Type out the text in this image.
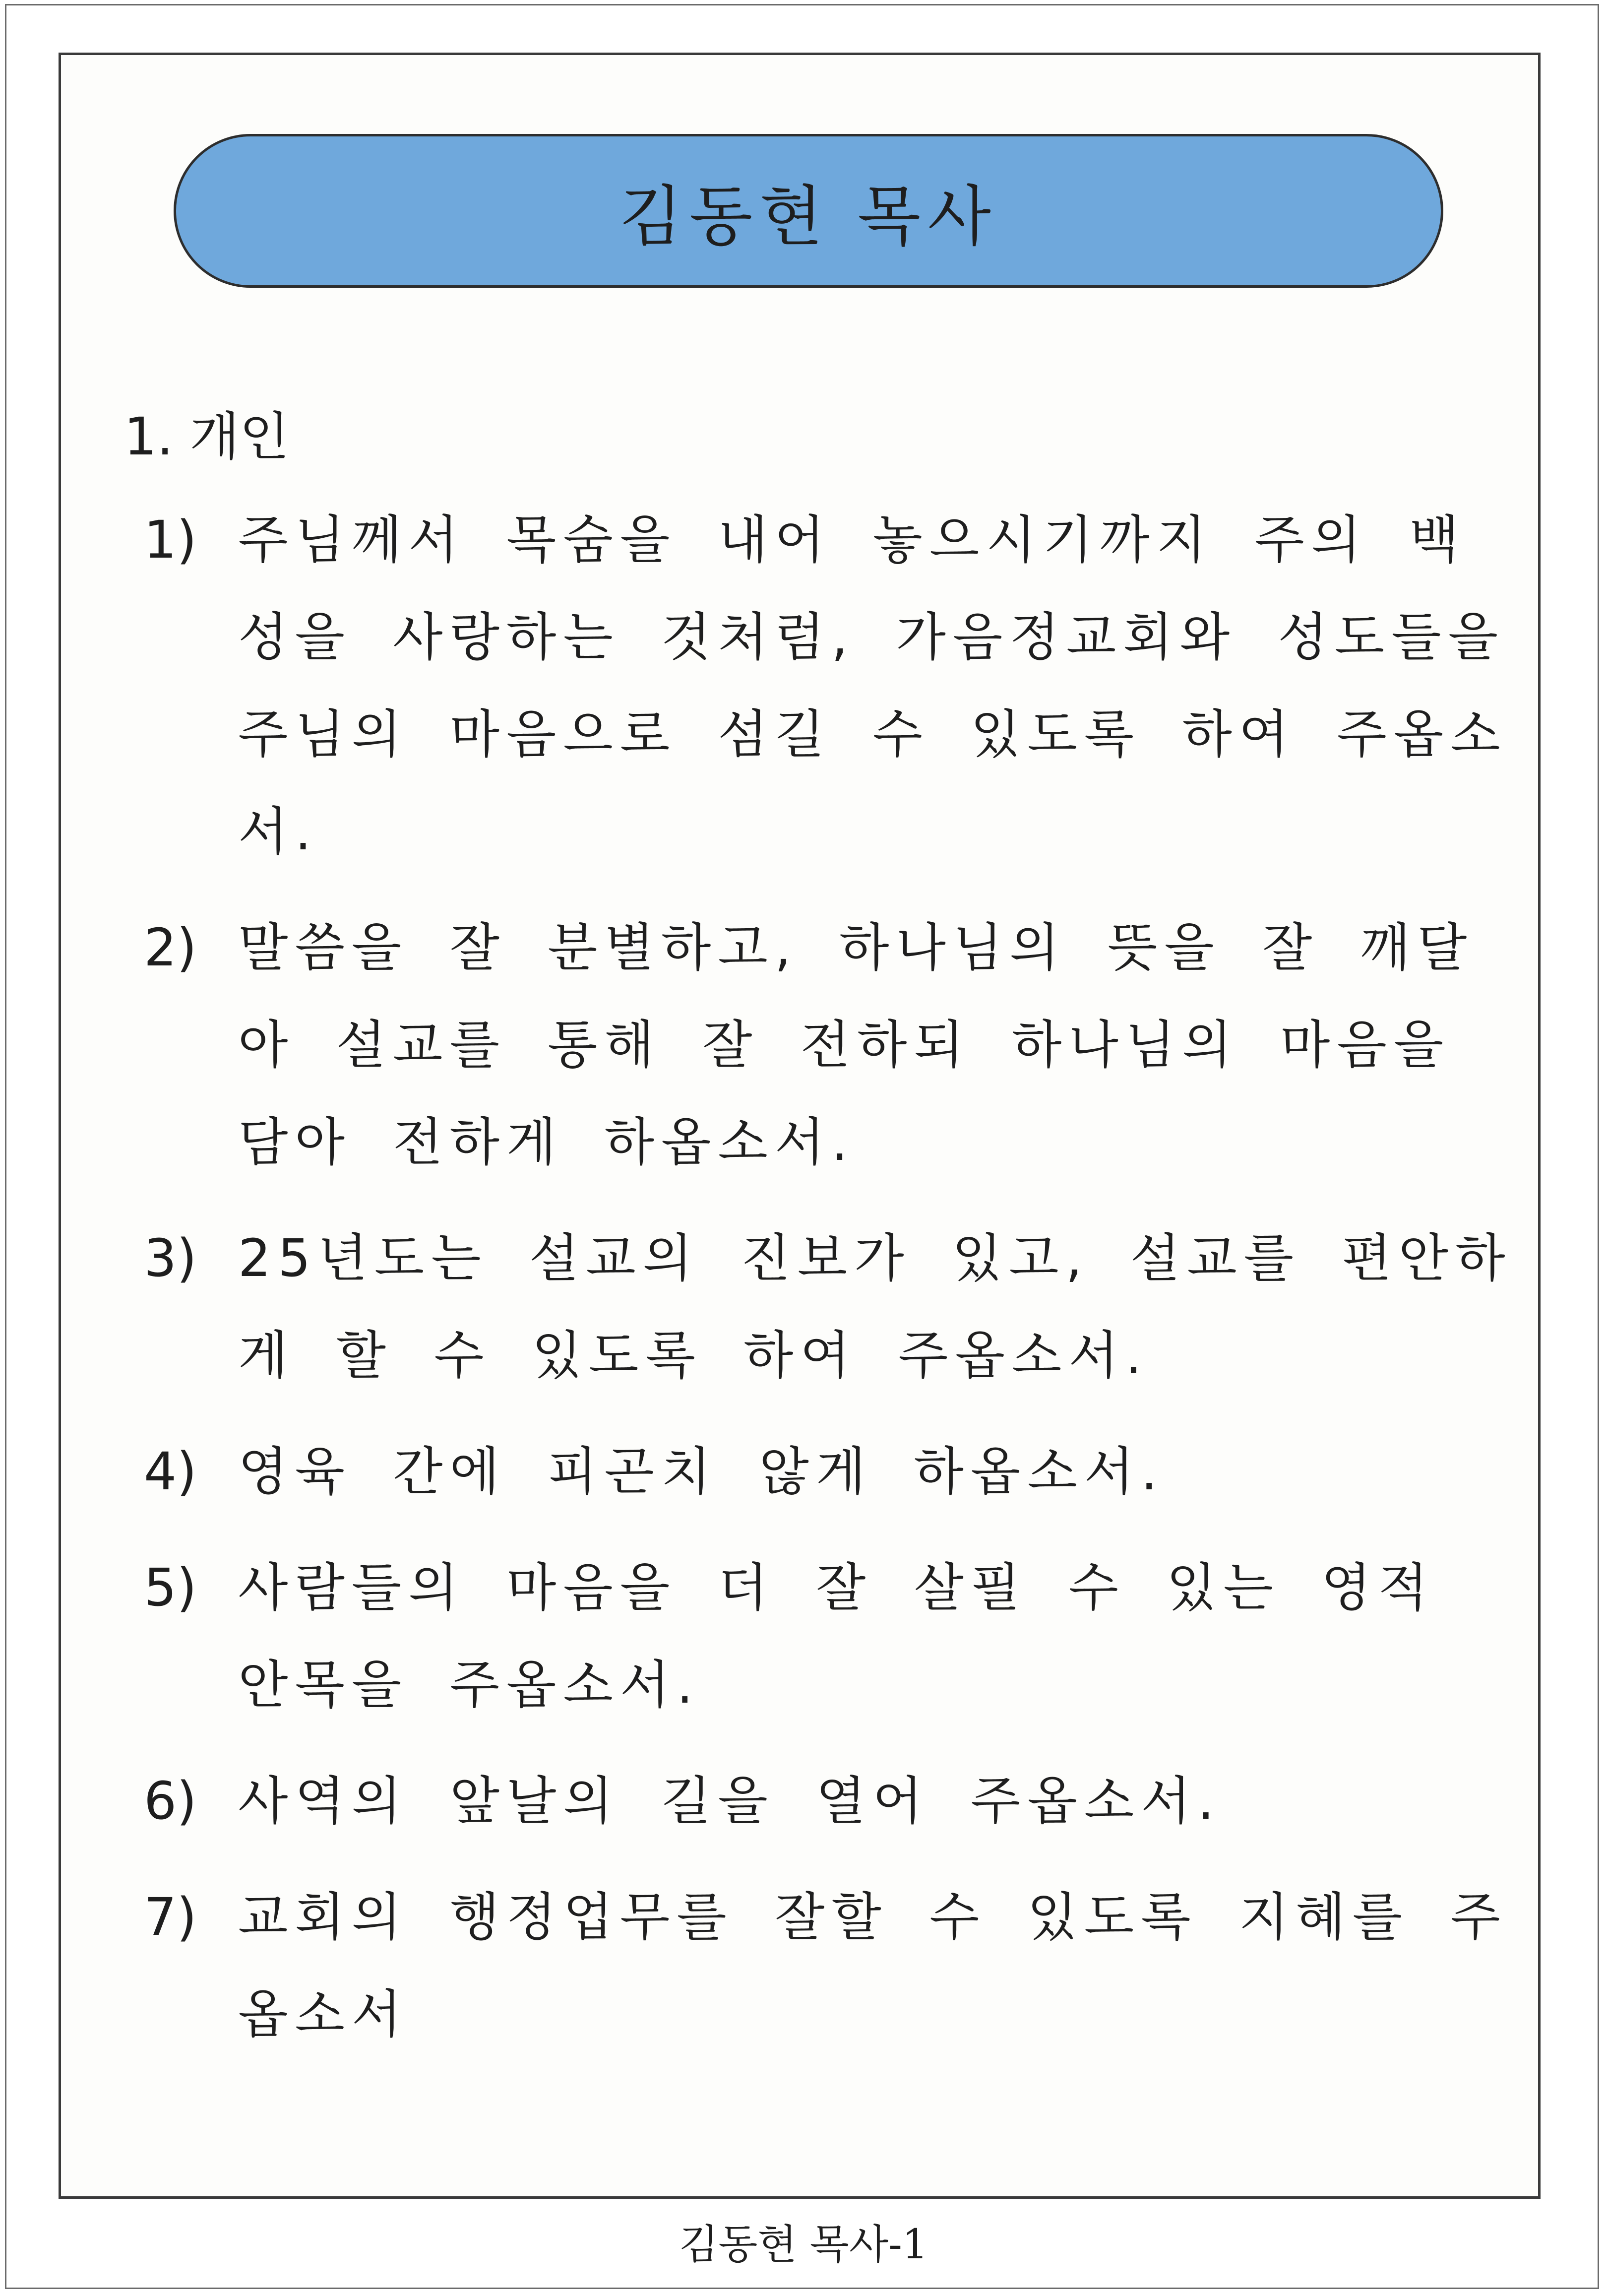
김동현 목사
1. 개인
1) 주님께서 목숨을 내어 놓으시기까지 주의 백성을 사랑하는 것처럼, 가음정교회와 성도들을 주님의 마음으로 섬길 수 있도록 하여 주옵소서.
2) 말씀을 잘 분별하고, 하나님의 뜻을 잘 깨달아 설교를 통해 잘 전하되 하나님의 마음을 담아 전하게 하옵소서.
3) 25년도는 설교의 진보가 있고, 설교를 편안하게 할 수 있도록 하여 주옵소서.
4) 영육 간에 피곤치 않게 하옵소서.
5) 사람들의 마음을 더 잘 살필 수 있는 영적 안목을 주옵소서.
6) 사역의 앞날의 길을 열어 주옵소서.
7) 교회의 행정업무를 잘할 수 있도록 지혜를 주옵소서
김동현 목사-1
